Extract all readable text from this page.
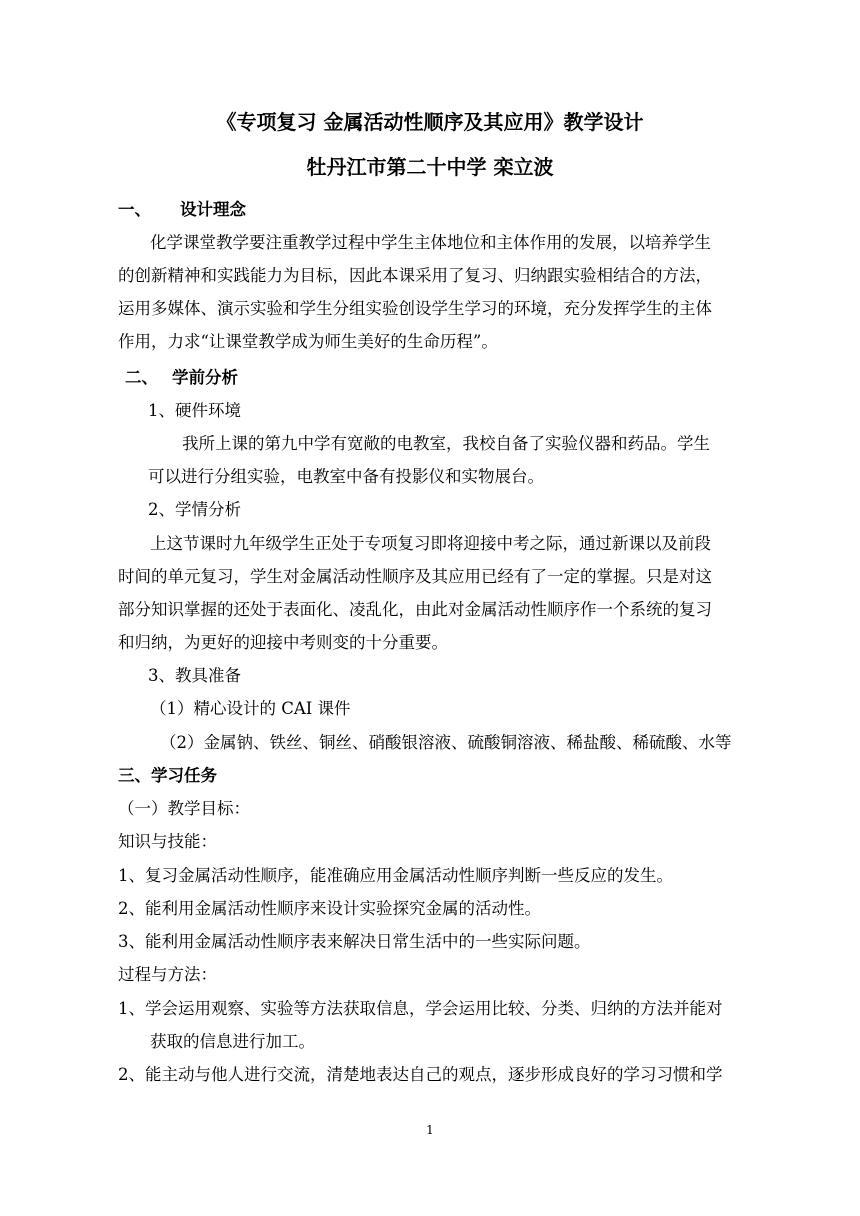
《专项复习 金属活动性顺序及其应用》教学设计
牡丹江市第二十中学 栾立波
一、 设计理念
化学课堂教学要注重教学过程中学生主体地位和主体作用的发展，以培养学生
的创新精神和实践能力为目标，因此本课采用了复习、归纳跟实验相结合的方法，
运用多媒体、演示实验和学生分组实验创设学生学习的环境，充分发挥学生的主体
作用，力求“让课堂教学成为师生美好的生命历程”。
二、 学前分析
1、硬件环境
我所上课的第九中学有宽敞的电教室，我校自备了实验仪器和药品。学生
可以进行分组实验，电教室中备有投影仪和实物展台。
2、学情分析
上这节课时九年级学生正处于专项复习即将迎接中考之际，通过新课以及前段
时间的单元复习，学生对金属活动性顺序及其应用已经有了一定的掌握。只是对这
部分知识掌握的还处于表面化、凌乱化，由此对金属活动性顺序作一个系统的复习
和归纳，为更好的迎接中考则变的十分重要。
3、教具准备
（1）精心设计的 CAI 课件
（2）金属钠、铁丝、铜丝、硝酸银溶液、硫酸铜溶液、稀盐酸、稀硫酸、水等
三、学习任务
（一）教学目标：
知识与技能：
1、复习金属活动性顺序，能准确应用金属活动性顺序判断一些反应的发生。
2、能利用金属活动性顺序来设计实验探究金属的活动性。
3、能利用金属活动性顺序表来解决日常生活中的一些实际问题。
过程与方法：
1、学会运用观察、实验等方法获取信息，学会运用比较、分类、归纳的方法并能对
获取的信息进行加工。
2、能主动与他人进行交流，清楚地表达自己的观点，逐步形成良好的学习习惯和学
1
